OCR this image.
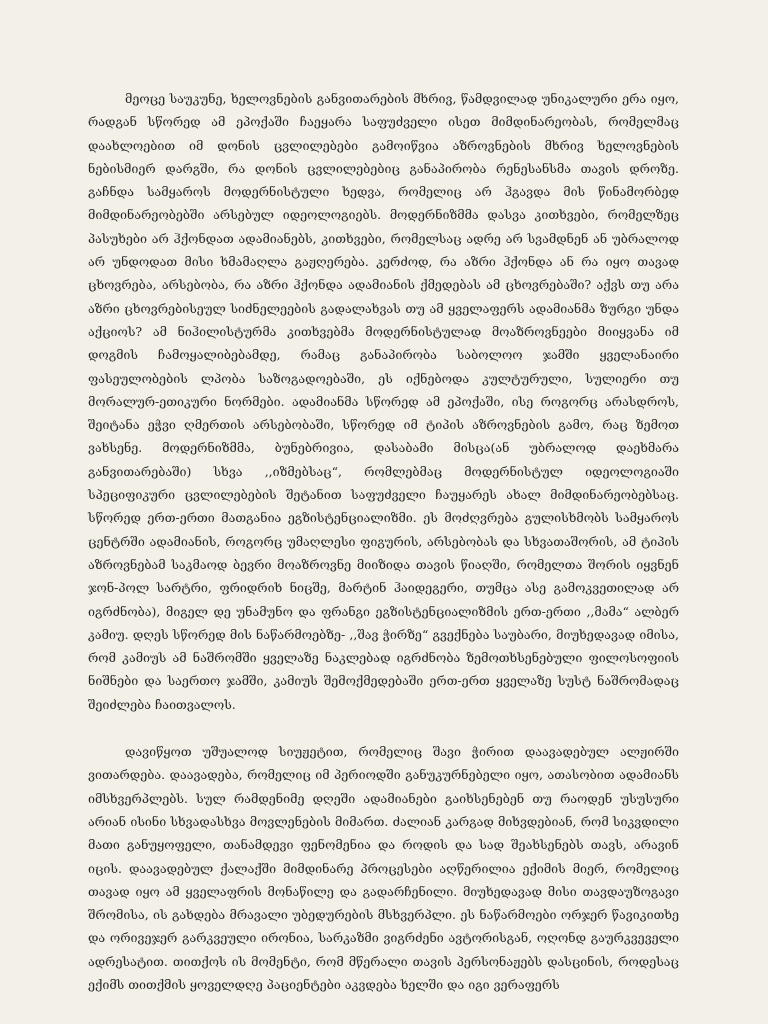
მეოცე საუკუნე, ხელოვნების განვითარების მხრივ, წამდვილად უნიკალური ერა იყო, რადგან სწორედ ამ ეპოქაში ჩაეყარა საფუძველი ისეთ მიმდინარეობას, რომელმაც დაახლოებით იმ დონის ცვლილებები გამოიწვია აზროვნების მხრივ ხელოვნების ნებისმიერ დარგში, რა დონის ცვლილებებიც განაპირობა რენესანსმა თავის დროზე. გაჩნდა სამყაროს მოდერნისტული ხედვა, რომელიც არ ჰგავდა მის წინამორბედ მიმდინარეობებში არსებულ იდეოლოგიებს. მოდერნიზმმა დასვა კითხვები, რომელზეც პასუხები არ ჰქონდათ ადამიანებს, კითხვები, რომელსაც ადრე არ სვამდნენ ან უბრალოდ არ უნდოდათ მისი ხმამაღლა გაჟღერება. კერძოდ, რა აზრი ჰქონდა ან რა იყო თავად ცხოვრება, არსებობა, რა აზრი ჰქონდა ადამიანის ქმედებას ამ ცხოვრებაში? აქვს თუ არა აზრი ცხოვრებისეულ სიძნელეების გადალახვას თუ ამ ყველაფერს ადამიანმა ზურგი უნდა აქციოს? ამ ნიჰილისტურმა კითხვებმა მოდერნისტულად მოაზროვნეები მიიყვანა იმ დოგმის ჩამოყალიბებამდე, რამაც განაპირობა საბოლოო ჯამში ყველანაირი ფასეულობების ლპობა საზოგადოებაში, ეს იქნებოდა კულტურული, სულიერი თუ მორალურ-ეთიკური ნორმები. ადამიანმა სწორედ ამ ეპოქაში, ისე როგორც არასდროს, შეიტანა ეჭვი ღმერთის არსებობაში, სწორედ იმ ტიპის აზროვნების გამო, რაც ზემოთ ვახსენე. მოდერნიზმმა, ბუნებრივია, დასაბამი მისცა(ან უბრალოდ დაეხმარა განვითარებაში) სხვა ,,იზმებსაც“, რომლებმაც მოდერნისტულ იდეოლოგიაში სპეციფიკური ცვლილებების შეტანით საფუძველი ჩაუყარეს ახალ მიმდინარეობებსაც. სწორედ ერთ-ერთი მათგანია ეგზისტენციალიზმი. ეს მოძღვრება გულისხმობს სამყაროს ცენტრში ადამიანის, როგორც უმაღლესი ფიგურის, არსებობას და სხვათაშორის, ამ ტიპის აზროვნებამ საკმაოდ ბევრი მოაზროვნე მიიზიდა თავის წიაღში, რომელთა შორის იყვნენ ჯონ-პოლ სარტრი, ფრიდრიხ ნიცშე, მარტინ ჰაიდეგერი, თუმცა ასე გამოკვეთილად არ იგრძნობა), მიგელ დე უნამუნო და ფრანგი ეგზისტენციალიზმის ერთ-ერთი ,,მამა“ ალბერ კამიუ. დღეს სწორედ მის ნაწარმოებზე- ,,შავ ჭირზე“ გვექნება საუბარი, მიუხედავად იმისა, რომ კამიუს ამ ნაშრომში ყველაზე ნაკლებად იგრძნობა ზემოთხსენებული ფილოსოფიის ნიშნები და საერთო ჯამში, კამიუს შემოქმედებაში ერთ-ერთ ყველაზე სუსტ ნაშრომადაც შეიძლება ჩაითვალოს.

დავიწყოთ უშუალოდ სიუჟეტით, რომელიც შავი ჭირით დაავადებულ ალჟირში ვითარდება. დაავადება, რომელიც იმ პერიოდში განუკურნებელი იყო, ათასობით ადამიანს იმსხვერპლებს. სულ რამდენიმე დღეში ადამიანები გაიხსენებენ თუ რაოდენ უსუსური არიან ისინი სხვადასხვა მოვლენების მიმართ. ძალიან კარგად მიხვდებიან, რომ სიკვდილი მათი განუყოფელი, თანამდევი ფენომენია და როდის და სად შეახსენებს თავს, არავინ იცის. დაავადებულ ქალაქში მიმდინარე პროცესები აღწერილია ექიმის მიერ, რომელიც თავად იყო ამ ყველაფრის მონაწილე და გადარჩენილი. მიუხედავად მისი თავდაუზოგავი შრომისა, ის გახდება მრავალი უბედურების მსხვერპლი. ეს ნაწარმოები ორჯერ წავიკითხე და ორივეჯერ გარკვეული ირონია, სარკაზმი ვიგრძენი ავტორისგან, ოღონდ გაურკვეველი ადრესატით. თითქოს ის მომენტი, რომ მწერალი თავის პერსონაჟებს დასცინის, როდესაც ექიმს თითქმის ყოველდღე პაციენტები აკვდება ხელში და იგი ვერაფერს
